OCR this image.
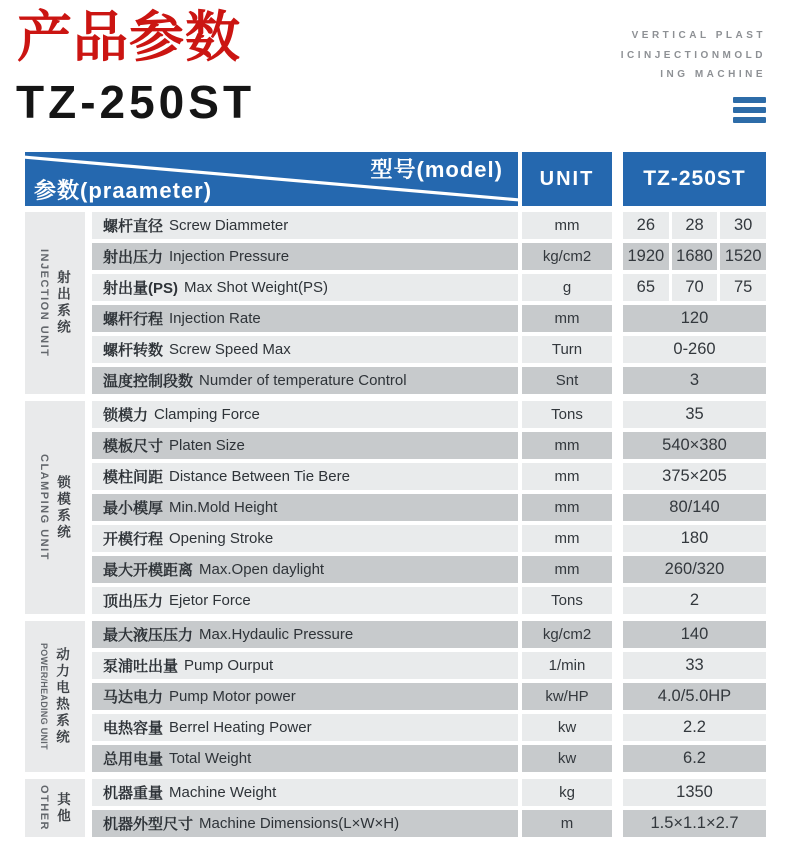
产品参数
TZ-250ST
VERTICAL PLAST
ICINJECTIONMOLD
ING MACHINE
型号(model)
参数(praameter)	UNIT	TZ-250ST
INJECTION UNIT 射出系统
螺杆直径 Screw Diammeter	mm	26	28	30
射出压力 Injection Pressure	kg/cm2	1920 1680 1520
射出量(PS) Max Shot Weight(PS)	g	65	70	75
螺杆行程 Injection Rate	mm	120
螺杆转数 Screw Speed Max	Turn	0-260
温度控制段数 Numder of temperature Control	Snt	3
CLAMPING UNIT 锁模系统
锁模力 Clamping Force	Tons	35
模板尺寸 Platen Size	mm	540×380
模柱间距 Distance Between Tie Bere	mm	375×205
最小模厚 Min.Mold Height	mm	80/140
开模行程 Opening Stroke	mm	180
最大开模距离 Max.Open daylight	mm	260/320
顶出压力 Ejetor Force	Tons	2
POWER/HEADING UNIT 动力电热系统
最大液压压力 Max.Hydaulic Pressure	kg/cm2	140
泵浦吐出量 Pump Ourput	1/min	33
马达电力 Pump Motor power	kw/HP	4.0/5.0HP
电热容量 Berrel Heating Power	kw	2.2
总用电量 Total Weight	kw	6.2
OTHER 其他 机器重量 Machine Weight	kg	1350
机器外型尺寸 Machine Dimensions(L×W×H)	m	1.5×1.1×2.7
